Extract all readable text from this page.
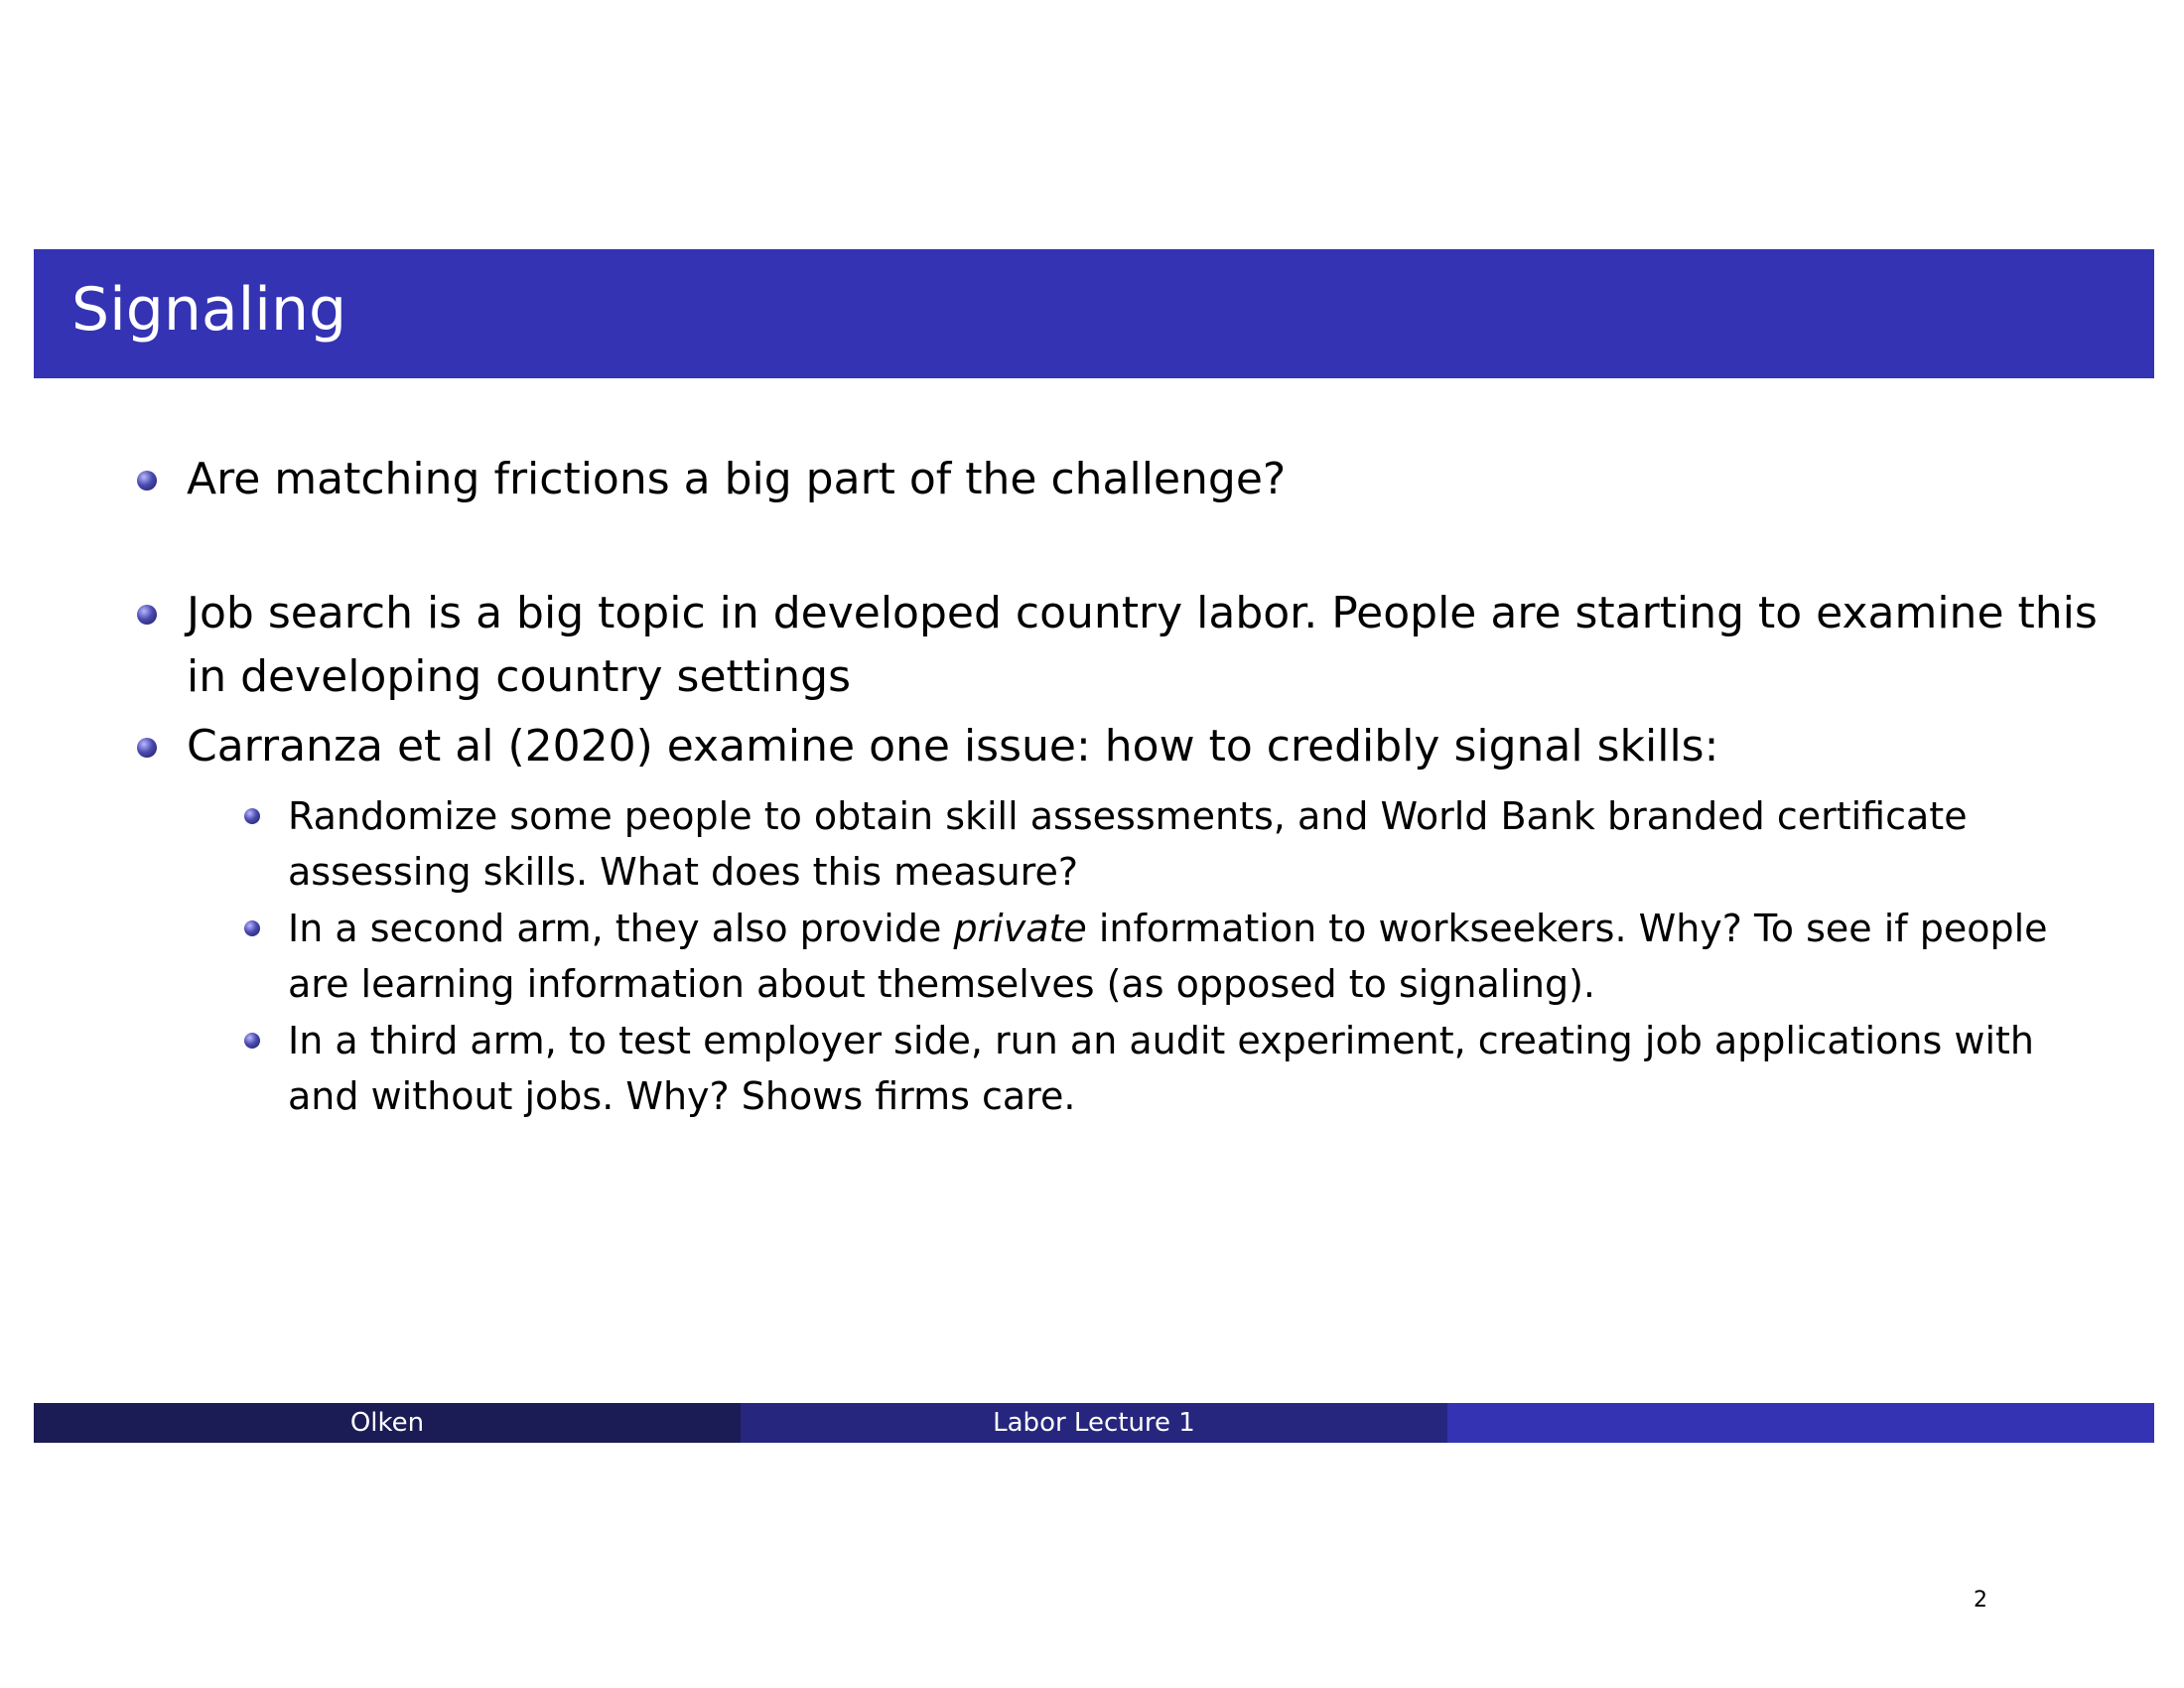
Signaling
Are matching frictions a big part of the challenge?
Job search is a big topic in developed country labor. People are starting to examine this
in developing country settings
Carranza et al (2020) examine one issue: how to credibly signal skills:
Randomize some people to obtain skill assessments, and World Bank branded certificate
assessing skills. What does this measure?
In a second arm, they also provide private information to workseekers. Why? To see if people
are learning information about themselves (as opposed to signaling).
In a third arm, to test employer side, run an audit experiment, creating job applications with
and without jobs. Why? Shows firms care.
Olken	Labor Lecture 1
2
